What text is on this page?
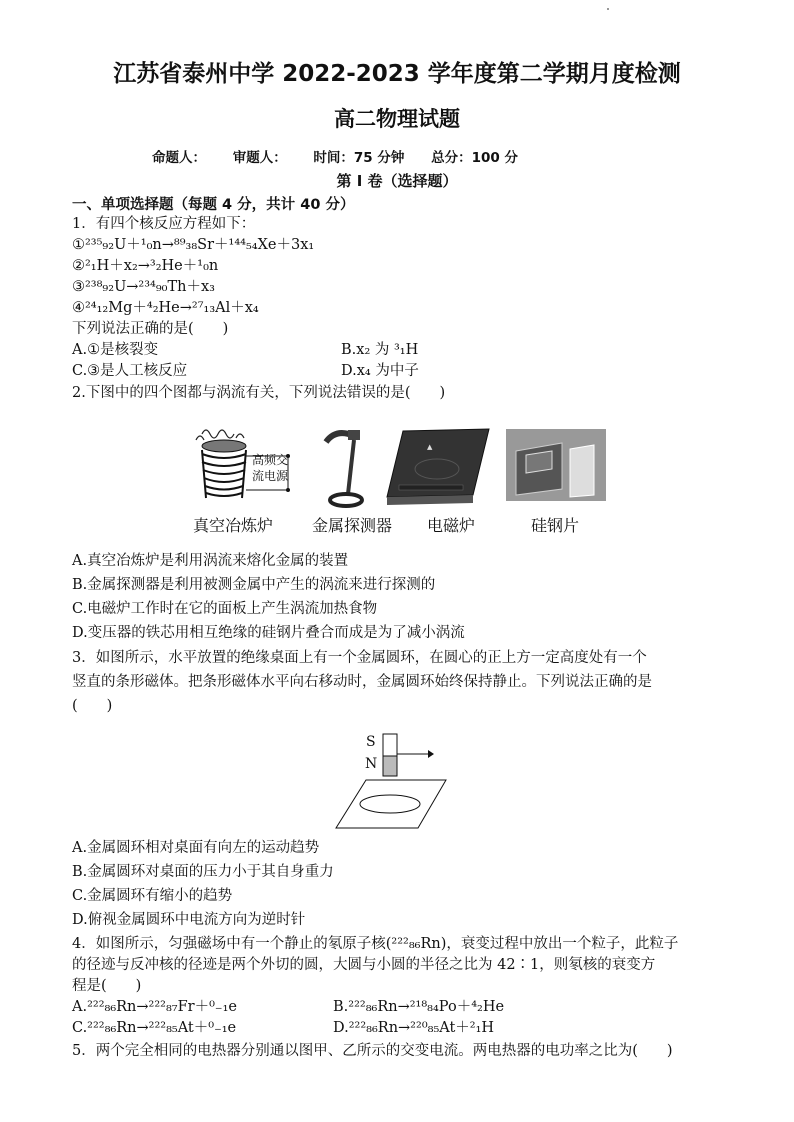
江苏省泰州中学 2022-2023 学年度第二学期月度检测
高二物理试题
命题人： 审题人： 时间：75 分钟 总分：100 分
第 I 卷（选择题）
一、单项选择题（每题 4 分，共计 40 分）
1．有四个核反应方程如下：
①²³⁵₉₂U＋¹₀n→⁸⁹₃₈Sr＋¹⁴⁴₅₄Xe＋3x₁
②²₁H＋x₂→³₂He＋¹₀n
③²³⁸₉₂U→²³⁴₉₀Th＋x₃
④²⁴₁₂Mg＋⁴₂He→²⁷₁₃Al＋x₄
下列说法正确的是(　　)
A.①是核裂变	B.x₂ 为 ³₁H
C.③是人工核反应	D.x₄ 为中子
2.下图中的四个图都与涡流有关，下列说法错误的是(　　)
高频交
流电源
▲
真空冶炼炉 金属探测器 电磁炉	硅钢片
A.真空冶炼炉是利用涡流来熔化金属的装置
B.金属探测器是利用被测金属中产生的涡流来进行探测的
C.电磁炉工作时在它的面板上产生涡流加热食物
D.变压器的铁芯用相互绝缘的硅钢片叠合而成是为了减小涡流
3．如图所示，水平放置的绝缘桌面上有一个金属圆环，在圆心的正上方一定高度处有一个
竖直的条形磁体。把条形磁体水平向右移动时，金属圆环始终保持静止。下列说法正确的是
(　　)
S
N
A.金属圆环相对桌面有向左的运动趋势
B.金属圆环对桌面的压力小于其自身重力
C.金属圆环有缩小的趋势
D.俯视金属圆环中电流方向为逆时针
4．如图所示，匀强磁场中有一个静止的氡原子核(²²²₈₆Rn)，衰变过程中放出一个粒子，此粒子
的径迹与反冲核的径迹是两个外切的圆，大圆与小圆的半径之比为 42∶1，则氡核的衰变方
程是(　　)
A.²²²₈₆Rn→²²²₈₇Fr＋⁰₋₁e	B.²²²₈₆Rn→²¹⁸₈₄Po＋⁴₂He
C.²²²₈₆Rn→²²²₈₅At＋⁰₋₁e	D.²²²₈₆Rn→²²⁰₈₅At＋²₁H
5．两个完全相同的电热器分别通以图甲、乙所示的交变电流。两电热器的电功率之比为(　　)
